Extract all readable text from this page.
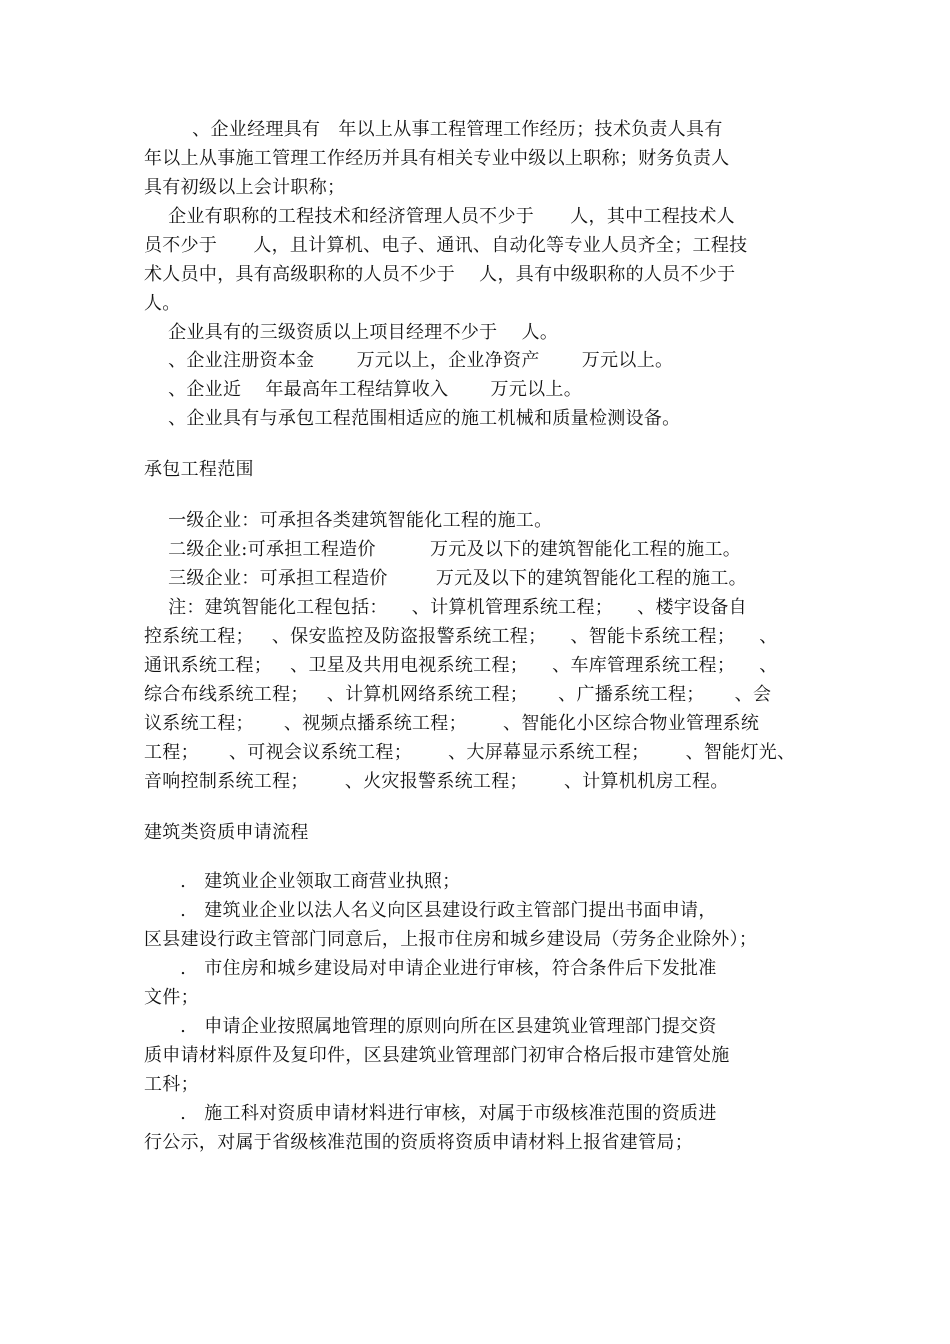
、企业经理具有   年以上从事工程管理工作经历；技术负责人具有
年以上从事施工管理工作经历并具有相关专业中级以上职称；财务负责人
具有初级以上会计职称；
企业有职称的工程技术和经济管理人员不少于      人，其中工程技术人
员不少于      人，且计算机、电子、通讯、自动化等专业人员齐全；工程技
术人员中，具有高级职称的人员不少于    人，具有中级职称的人员不少于
人。
企业具有的三级资质以上项目经理不少于    人。
、企业注册资本金       万元以上，企业净资产       万元以上。
、企业近    年最高年工程结算收入       万元以上。
、企业具有与承包工程范围相适应的施工机械和质量检测设备。
承包工程范围
一级企业：可承担各类建筑智能化工程的施工。
二级企业:可承担工程造价         万元及以下的建筑智能化工程的施工。
三级企业：可承担工程造价        万元及以下的建筑智能化工程的施工。
注：建筑智能化工程包括：    、计算机管理系统工程；    、楼宇设备自
控系统工程；   、保安监控及防盗报警系统工程；    、智能卡系统工程；    、
通讯系统工程；   、卫星及共用电视系统工程；    、车库管理系统工程；    、
综合布线系统工程；   、计算机网络系统工程；     、广播系统工程；     、会
议系统工程；     、视频点播系统工程；      、智能化小区综合物业管理系统
工程；     、可视会议系统工程；      、大屏幕显示系统工程；      、智能灯光、
音响控制系统工程；      、火灾报警系统工程；      、计算机机房工程。
建筑类资质申请流程
.   建筑业企业领取工商营业执照；
.   建筑业企业以法人名义向区县建设行政主管部门提出书面申请，
区县建设行政主管部门同意后，上报市住房和城乡建设局（劳务企业除外）；
.   市住房和城乡建设局对申请企业进行审核，符合条件后下发批准
文件；
.   申请企业按照属地管理的原则向所在区县建筑业管理部门提交资
质申请材料原件及复印件，区县建筑业管理部门初审合格后报市建管处施
工科；
.   施工科对资质申请材料进行审核，对属于市级核准范围的资质进
行公示，对属于省级核准范围的资质将资质申请材料上报省建管局；
